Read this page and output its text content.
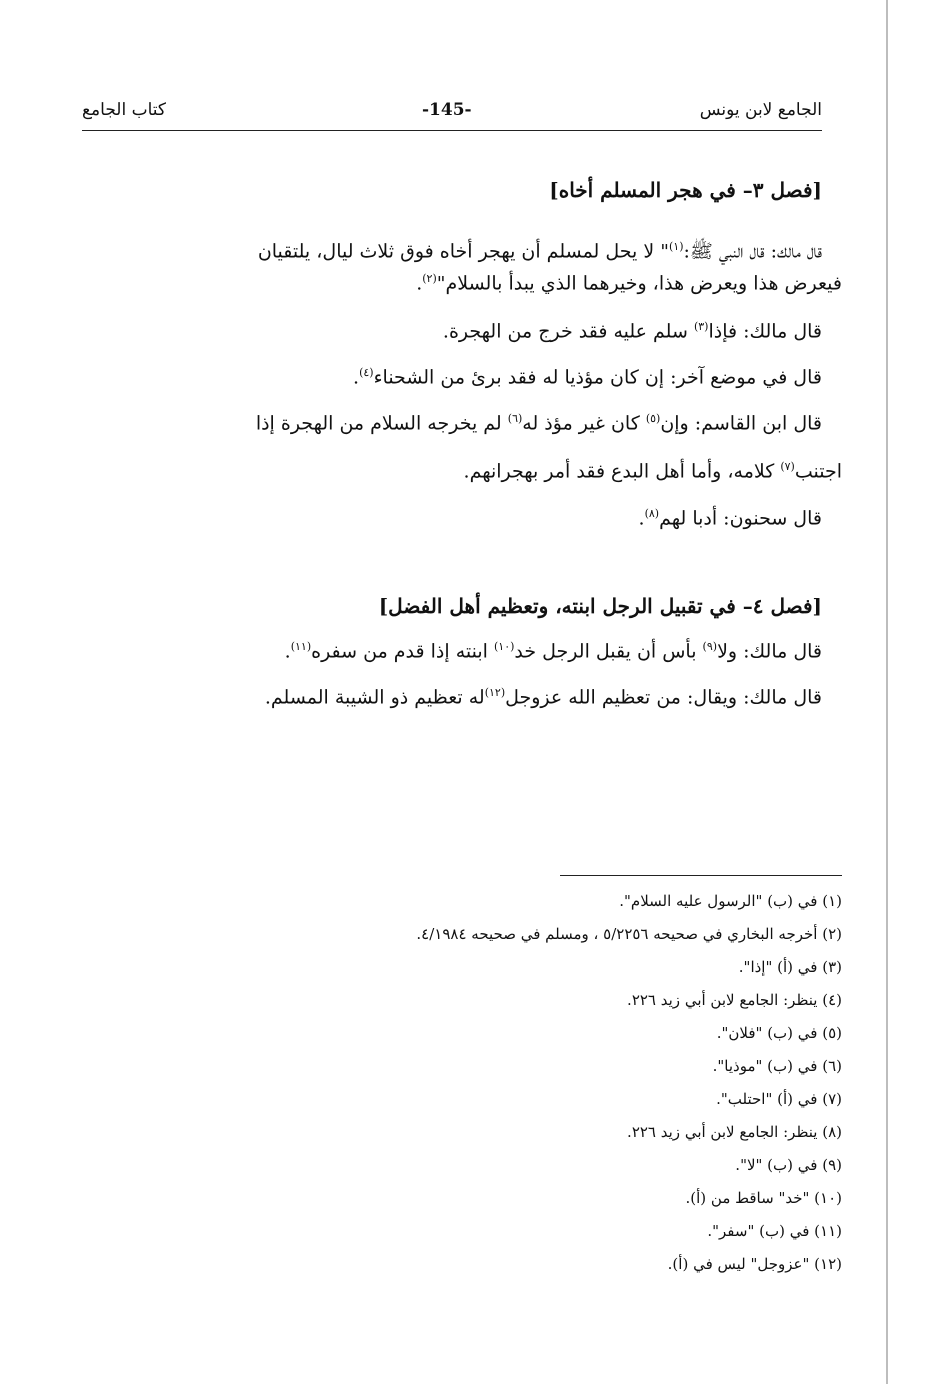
الجامع لابن يونس
-145-
كتاب الجامع
[فصل ٣– في هجر المسلم أخاه]
قال مالك: قال النبي ﷺ:$^{(١)}$" لا يحل لمسلم أن يهجر أخاه فوق ثلاث ليال، يلتقيان
فيعرض هذا ويعرض هذا، وخيرهما الذي يبدأ بالسلام"$^{(٢)}$.
قال مالك: فإذا$^{(٣)}$ سلم عليه فقد خرج من الهجرة.
قال في موضع آخر: إن كان مؤذيا له فقد برئ من الشحناء$^{(٤)}$.
قال ابن القاسم: وإن$^{(٥)}$ كان غير مؤذ له$^{(٦)}$ لم يخرجه السلام من الهجرة إذا
اجتنب$^{(٧)}$ كلامه، وأما أهل البدع فقد أمر بهجرانهم.
قال سحنون: أدبا لهم$^{(٨)}$.
[فصل ٤– في تقبيل الرجل ابنته، وتعظيم أهل الفضل]
قال مالك: ولا$^{(٩)}$ بأس أن يقبل الرجل خد$^{(١٠)}$ ابنته إذا قدم من سفره$^{(١١)}$.
قال مالك: ويقال: من تعظيم الله عزوجل$^{(١٢)}$له تعظيم ذو الشيبة المسلم.
(١) في (ب) "الرسول عليه السلام".
(٢) أخرجه البخاري في صحيحه ٥/٢٢٥٦ ، ومسلم في صحيحه ٤/١٩٨٤.
(٣) في (أ) "إذا".
(٤) ينظر: الجامع لابن أبي زيد ٢٢٦.
(٥) في (ب) "فلان".
(٦) في (ب) "موذيا".
(٧) في (أ) "احتلب".
(٨) ينظر: الجامع لابن أبي زيد ٢٢٦.
(٩) في (ب) "لا".
(١٠) "خد" ساقط من (أ).
(١١) في (ب) "سفر".
(١٢) "عزوجل" ليس في (أ).
